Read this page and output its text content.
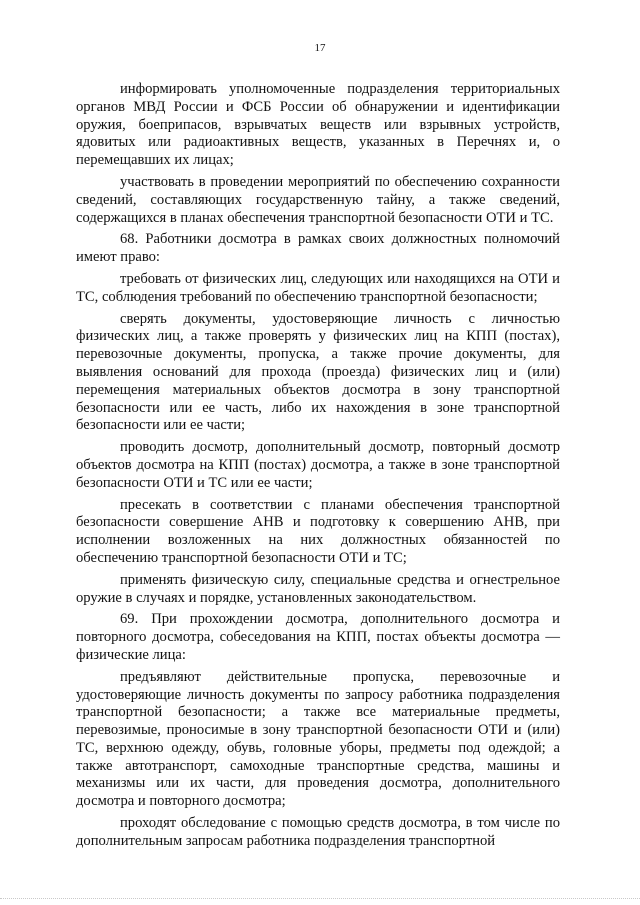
17

информировать уполномоченные подразделения территориальных органов МВД России и ФСБ России об обнаружении и идентификации оружия, боеприпасов, взрывчатых веществ или взрывных устройств, ядовитых или радиоактивных веществ, указанных в Перечнях и, о перемещавших их лицах;

участвовать в проведении мероприятий по обеспечению сохранности сведений, составляющих государственную тайну, а также сведений, содержащихся в планах обеспечения транспортной безопасности ОТИ и ТС.

68. Работники досмотра в рамках своих должностных полномочий имеют право:

требовать от физических лиц, следующих или находящихся на ОТИ и ТС, соблюдения требований по обеспечению транспортной безопасности;

сверять документы, удостоверяющие личность с личностью физических лиц, а также проверять у физических лиц на КПП (постах), перевозочные документы, пропуска, а также прочие документы, для выявления оснований для прохода (проезда) физических лиц и (или) перемещения материальных объектов досмотра в зону транспортной безопасности или ее часть, либо их нахождения в зоне транспортной безопасности или ее части;

проводить досмотр, дополнительный досмотр, повторный досмотр объектов досмотра на КПП (постах) досмотра, а также в зоне транспортной безопасности ОТИ и ТС или ее части;

пресекать в соответствии с планами обеспечения транспортной безопасности совершение АНВ и подготовку к совершению АНВ, при исполнении возложенных на них должностных обязанностей по обеспечению транспортной безопасности ОТИ и ТС;

применять физическую силу, специальные средства и огнестрельное оружие в случаях и порядке, установленных законодательством.

69. При прохождении досмотра, дополнительного досмотра и повторного досмотра, собеседования на КПП, постах объекты досмотра — физические лица:

предъявляют действительные пропуска, перевозочные и удостоверяющие личность документы по запросу работника подразделения транспортной безопасности; а также все материальные предметы, перевозимые, проносимые в зону транспортной безопасности ОТИ и (или) ТС, верхнюю одежду, обувь, головные уборы, предметы под одеждой; а также автотранспорт, самоходные транспортные средства, машины и механизмы или их части, для проведения досмотра, дополнительного досмотра и повторного досмотра;

проходят обследование с помощью средств досмотра, в том числе по дополнительным запросам работника подразделения транспортной
